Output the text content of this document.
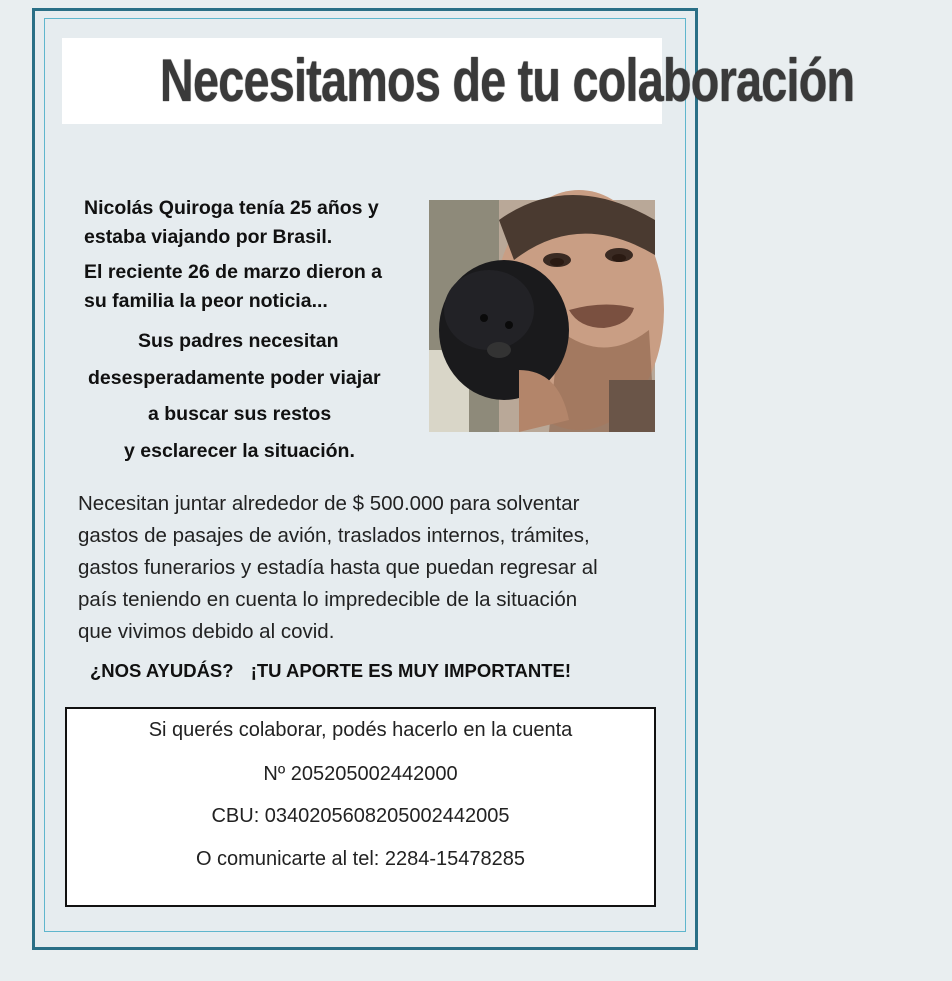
Necesitamos de tu colaboración

Nicolás Quiroga tenía 25 años y

estaba viajando por Brasil.

El reciente 26 de marzo dieron a

su familia la peor noticia...

Sus padres necesitan

desesperadamente poder viajar

a buscar sus restos

y esclarecer la situación.

Necesitan juntar alrededor de $ 500.000 para solventar
gastos de pasajes de avión, traslados internos, trámites,
gastos funerarios y estadía hasta que puedan regresar al
país teniendo en cuenta lo impredecible de la situación
que vivimos debido al covid.
¿NOS AYUDÁS? ¡TU APORTE ES MUY IMPORTANTE!
Si querés colaborar, podés hacerlo en la cuenta
Nº 205205002442000
CBU: 0340205608205002442005
O comunicarte al tel: 2284-15478285
